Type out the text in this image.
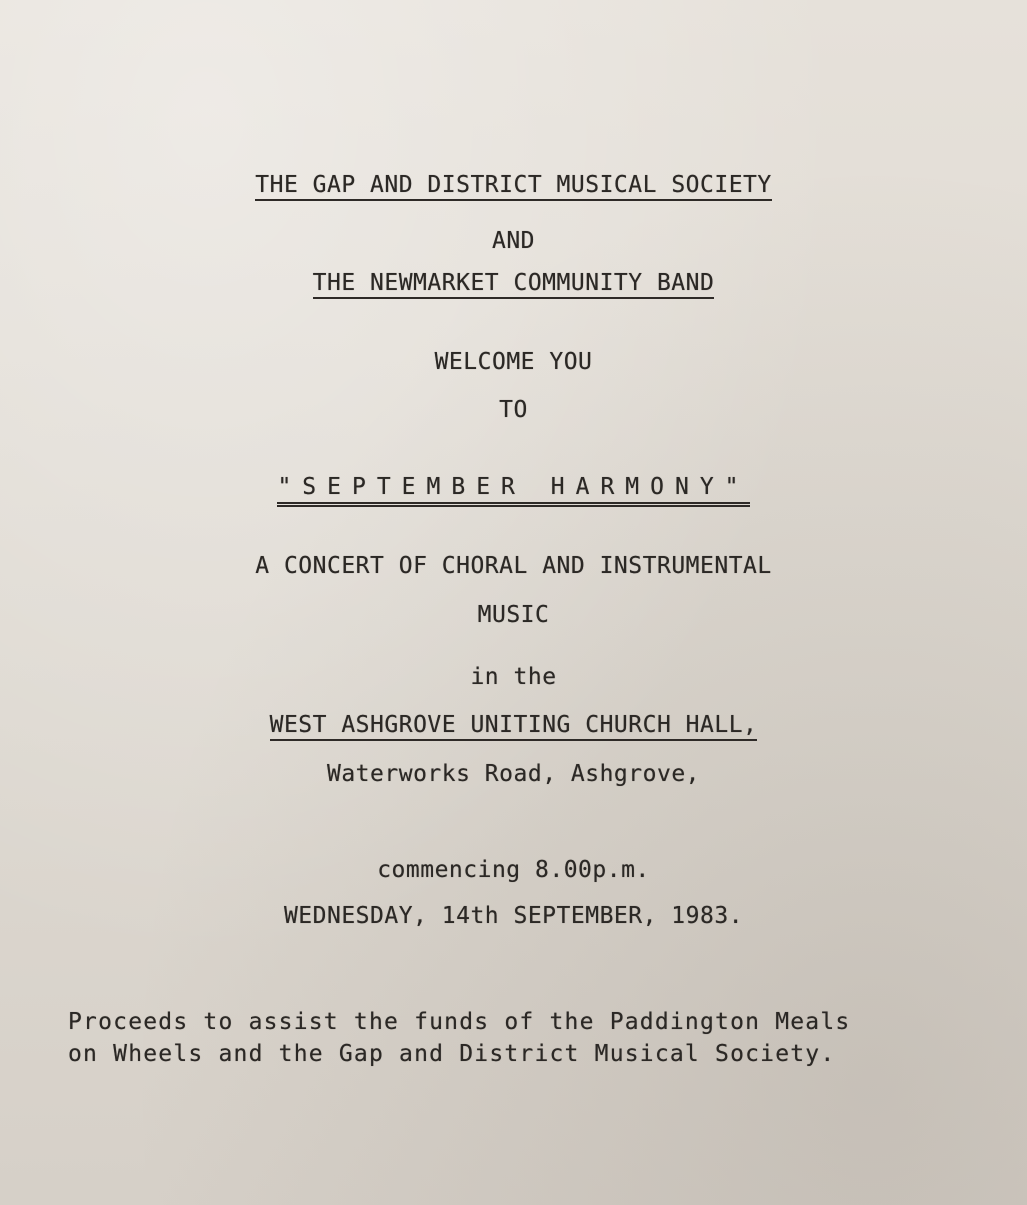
THE GAP AND DISTRICT MUSICAL SOCIETY
AND
THE NEWMARKET COMMUNITY BAND
WELCOME YOU
TO
"SEPTEMBER HARMONY"
A CONCERT OF CHORAL AND INSTRUMENTAL
MUSIC
in the
WEST ASHGROVE UNITING CHURCH HALL,
Waterworks Road, Ashgrove,
commencing 8.00p.m.
WEDNESDAY, 14th SEPTEMBER, 1983.
Proceeds to assist the funds of the Paddington Meals
on Wheels and the Gap and District Musical Society.
